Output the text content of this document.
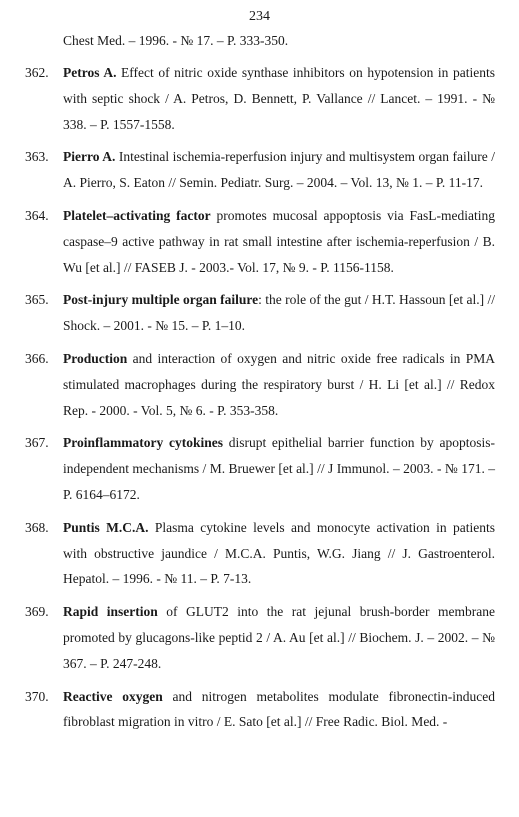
234
Chest Med. – 1996. - № 17. – P. 333-350.
362. Petros A. Effect of nitric oxide synthase inhibitors on hypotension in patients with septic shock / A. Petros, D. Bennett, P. Vallance // Lancet. – 1991. - № 338. – P. 1557-1558.
363. Pierro A. Intestinal ischemia-reperfusion injury and multisystem organ failure / A. Pierro, S. Eaton // Semin. Pediatr. Surg. – 2004. – Vol. 13, № 1. – P. 11-17.
364. Platelet–activating factor promotes mucosal appoptosis via FasL-mediating caspase–9 active pathway in rat small intestine after ischemia-reperfusion / B. Wu [et al.] // FASEB J. - 2003.- Vol. 17, № 9. - P. 1156-1158.
365. Post-injury multiple organ failure: the role of the gut / H.T. Hassoun [et al.] // Shock. – 2001. - № 15. – P. 1–10.
366. Production and interaction of oxygen and nitric oxide free radicals in PMA stimulated macrophages during the respiratory burst / H. Li [et al.] // Redox Rep. - 2000. - Vol. 5, № 6. - P. 353-358.
367. Proinflammatory cytokines disrupt epithelial barrier function by apoptosis-independent mechanisms / M. Bruewer [et al.] // J Immunol. – 2003. - № 171. – P. 6164–6172.
368. Puntis M.C.A. Plasma cytokine levels and monocyte activation in patients with obstructive jaundice / M.C.A. Puntis, W.G. Jiang // J. Gastroenterol. Hepatol. – 1996. - № 11. – P. 7-13.
369. Rapid insertion of GLUT2 into the rat jejunal brush-border membrane promoted by glucagons-like peptid 2 / A. Au [et al.] // Biochem. J. – 2002. – № 367. – P. 247-248.
370. Reactive oxygen and nitrogen metabolites modulate fibronectin-induced fibroblast migration in vitro / E. Sato [et al.] // Free Radic. Biol. Med. -
